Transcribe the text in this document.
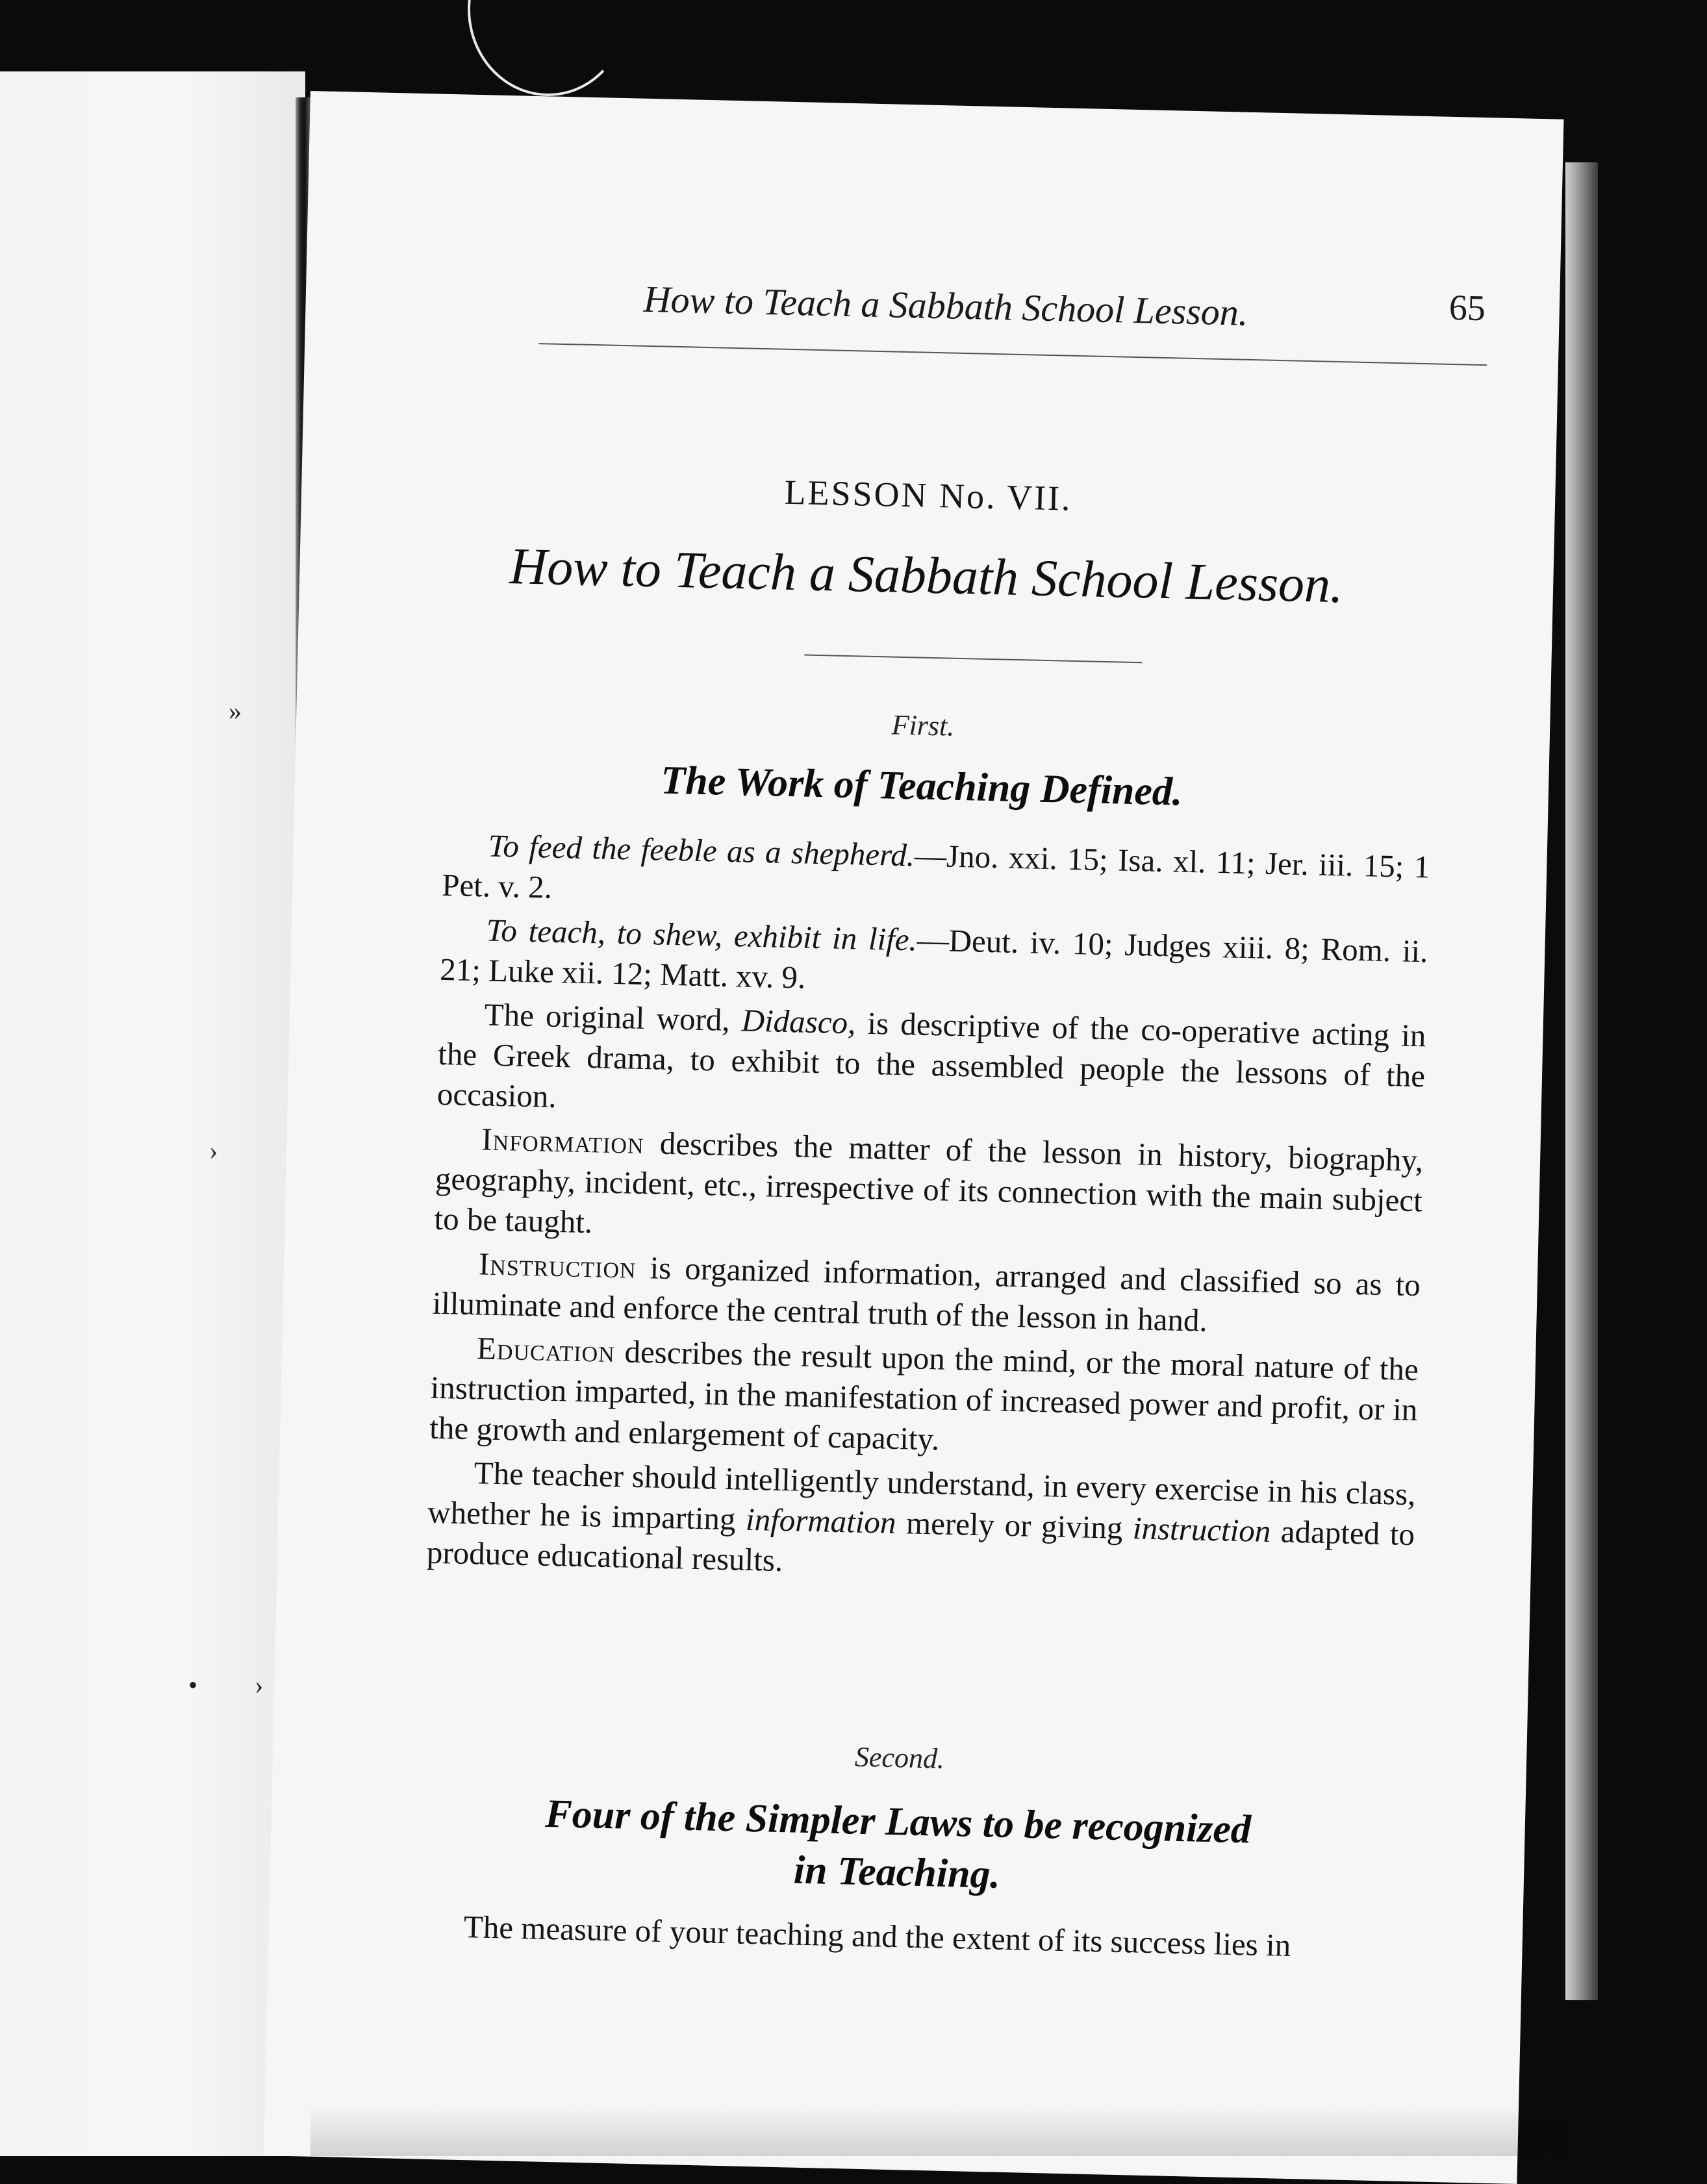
»
›
• ›
How to Teach a Sabbath School Lesson.	65
LESSON No. VII.
How to Teach a Sabbath School Lesson.
First.
The Work of Teaching Defined.

To feed the feeble as a shepherd.—Jno. xxi. 15; Isa. xl. 11; Jer. iii. 15; 1 Pet. v. 2.

To teach, to shew, exhibit in life.—Deut. iv. 10; Judges xiii. 8; Rom. ii. 21; Luke xii. 12; Matt. xv. 9.

The original word, Didasco, is descriptive of the co-operative acting in the Greek drama, to exhibit to the assembled people the lessons of the occasion.

Information describes the matter of the lesson in history, biography, geography, incident, etc., irrespective of its connection with the main subject to be taught.

Instruction is organized information, arranged and classified so as to illuminate and enforce the central truth of the lesson in hand.

Education describes the result upon the mind, or the moral nature of the instruction imparted, in the manifestation of increased power and profit, or in the growth and enlargement of capacity.

The teacher should intelligently understand, in every exercise in his class, whether he is imparting information merely or giving instruction adapted to produce educational results.

Second.
Four of the Simpler Laws to be recognized
in Teaching.

The measure of your teaching and the extent of its success lies in
